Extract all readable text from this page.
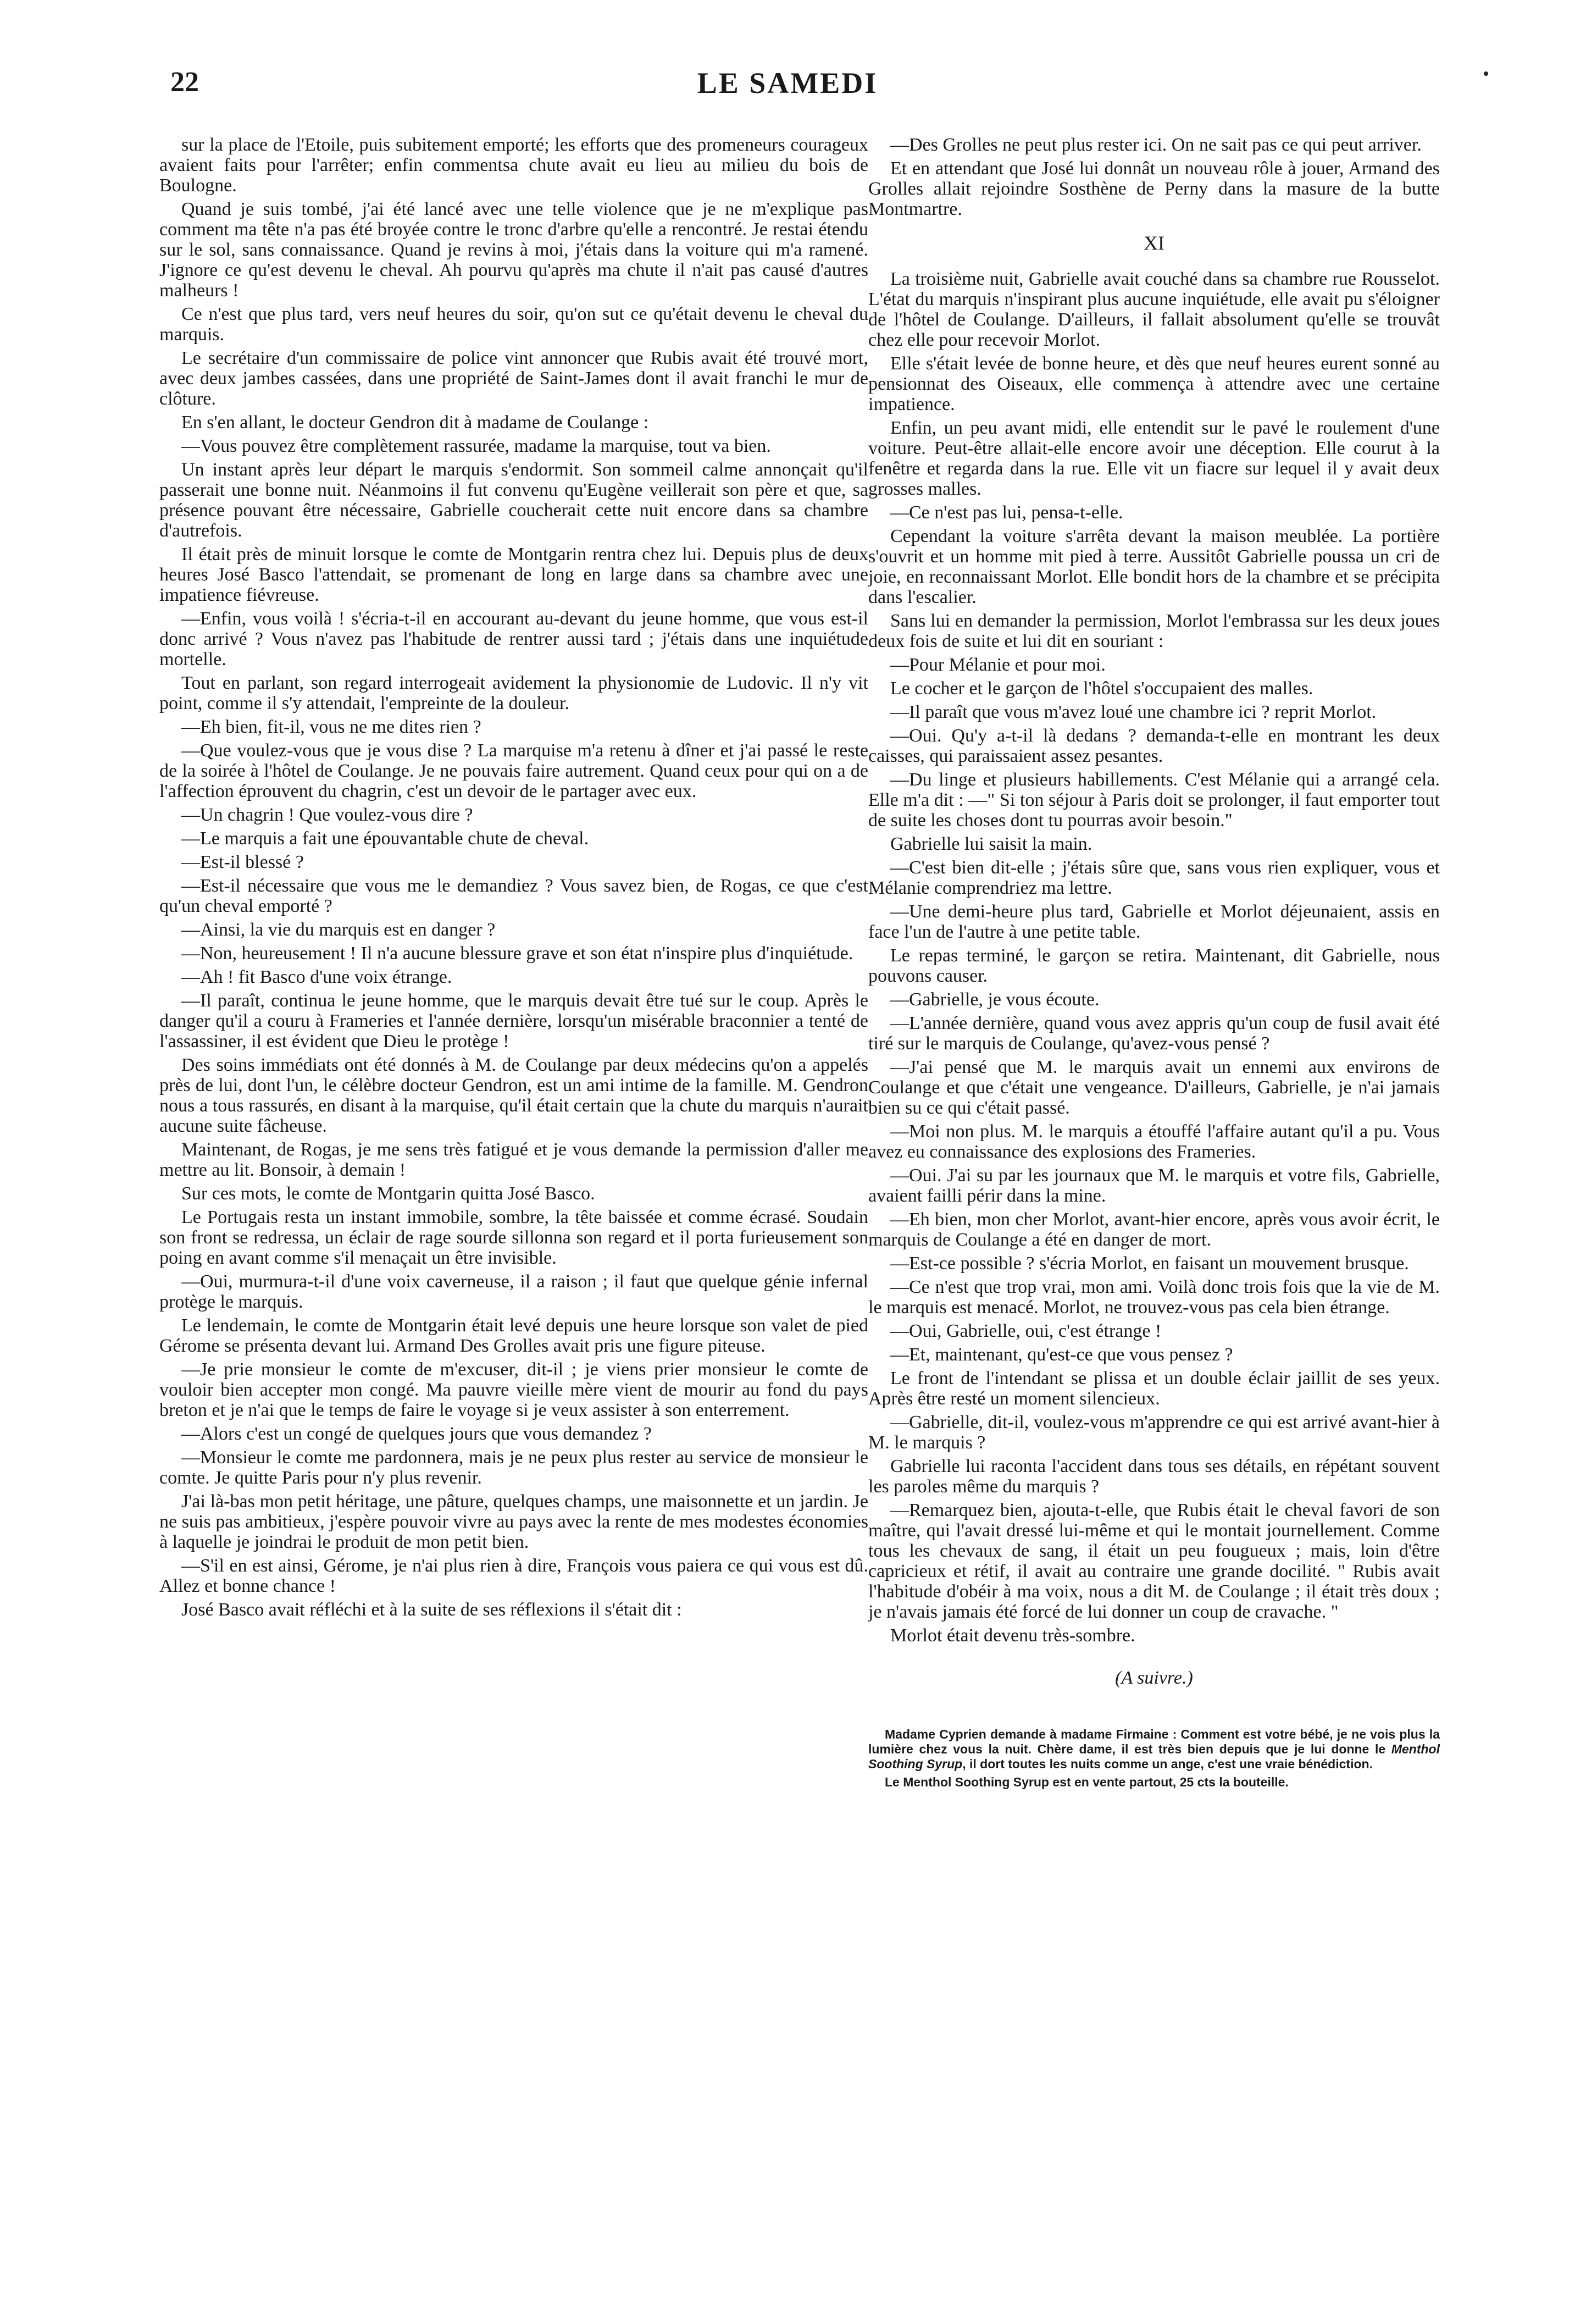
22	LE SAMEDI

sur la place de l'Etoile, puis subitement emporté; les efforts que des promeneurs courageux avaient faits pour l'arrêter; enfin commentsa chute avait eu lieu au milieu du bois de Boulogne.

Quand je suis tombé, j'ai été lancé avec une telle violence que je ne m'explique pas comment ma tête n'a pas été broyée contre le tronc d'arbre qu'elle a rencontré. Je restai étendu sur le sol, sans connaissance. Quand je revins à moi, j'étais dans la voiture qui m'a ramené. J'ignore ce qu'est devenu le cheval. Ah pourvu qu'après ma chute il n'ait pas causé d'autres malheurs !

Ce n'est que plus tard, vers neuf heures du soir, qu'on sut ce qu'était devenu le cheval du marquis.

Le secrétaire d'un commissaire de police vint annoncer que Rubis avait été trouvé mort, avec deux jambes cassées, dans une propriété de Saint-James dont il avait franchi le mur de clôture.

En s'en allant, le docteur Gendron dit à madame de Coulange :

—Vous pouvez être complètement rassurée, madame la marquise, tout va bien.

Un instant après leur départ le marquis s'endormit. Son sommeil calme annonçait qu'il passerait une bonne nuit. Néanmoins il fut convenu qu'Eugène veillerait son père et que, sa présence pouvant être nécessaire, Gabrielle coucherait cette nuit encore dans sa chambre d'autrefois.

Il était près de minuit lorsque le comte de Montgarin rentra chez lui. Depuis plus de deux heures José Basco l'attendait, se promenant de long en large dans sa chambre avec une impatience fiévreuse.

—Enfin, vous voilà ! s'écria-t-il en accourant au-devant du jeune homme, que vous est-il donc arrivé ? Vous n'avez pas l'habitude de rentrer aussi tard ; j'étais dans une inquiétude mortelle.

Tout en parlant, son regard interrogeait avidement la physionomie de Ludovic. Il n'y vit point, comme il s'y attendait, l'empreinte de la douleur.

—Eh bien, fit-il, vous ne me dites rien ?

—Que voulez-vous que je vous dise ? La marquise m'a retenu à dîner et j'ai passé le reste de la soirée à l'hôtel de Coulange. Je ne pouvais faire autrement. Quand ceux pour qui on a de l'affection éprouvent du chagrin, c'est un devoir de le partager avec eux.

—Un chagrin ! Que voulez-vous dire ?

—Le marquis a fait une épouvantable chute de cheval.

—Est-il blessé ?

—Est-il nécessaire que vous me le demandiez ? Vous savez bien, de Rogas, ce que c'est qu'un cheval emporté ?

—Ainsi, la vie du marquis est en danger ?

—Non, heureusement ! Il n'a aucune blessure grave et son état n'inspire plus d'inquiétude.

—Ah ! fit Basco d'une voix étrange.

—Il paraît, continua le jeune homme, que le marquis devait être tué sur le coup. Après le danger qu'il a couru à Frameries et l'année dernière, lorsqu'un misérable braconnier a tenté de l'assassiner, il est évident que Dieu le protège !

Des soins immédiats ont été donnés à M. de Coulange par deux médecins qu'on a appelés près de lui, dont l'un, le célèbre docteur Gendron, est un ami intime de la famille. M. Gendron nous a tous rassurés, en disant à la marquise, qu'il était certain que la chute du marquis n'aurait aucune suite fâcheuse.

Maintenant, de Rogas, je me sens très fatigué et je vous demande la permission d'aller me mettre au lit. Bonsoir, à demain !

Sur ces mots, le comte de Montgarin quitta José Basco.

Le Portugais resta un instant immobile, sombre, la tête baissée et comme écrasé. Soudain son front se redressa, un éclair de rage sourde sillonna son regard et il porta furieusement son poing en avant comme s'il menaçait un être invisible.

—Oui, murmura-t-il d'une voix caverneuse, il a raison ; il faut que quelque génie infernal protège le marquis.

Le lendemain, le comte de Montgarin était levé depuis une heure lorsque son valet de pied Gérome se présenta devant lui. Armand Des Grolles avait pris une figure piteuse.

—Je prie monsieur le comte de m'excuser, dit-il ; je viens prier monsieur le comte de vouloir bien accepter mon congé. Ma pauvre vieille mère vient de mourir au fond du pays breton et je n'ai que le temps de faire le voyage si je veux assister à son enterrement.

—Alors c'est un congé de quelques jours que vous demandez ?

—Monsieur le comte me pardonnera, mais je ne peux plus rester au service de monsieur le comte. Je quitte Paris pour n'y plus revenir.

J'ai là-bas mon petit héritage, une pâture, quelques champs, une maisonnette et un jardin. Je ne suis pas ambitieux, j'espère pouvoir vivre au pays avec la rente de mes modestes économies à laquelle je joindrai le produit de mon petit bien.

—S'il en est ainsi, Gérome, je n'ai plus rien à dire, François vous paiera ce qui vous est dû. Allez et bonne chance !

José Basco avait réfléchi et à la suite de ses réflexions il s'était dit :

—Des Grolles ne peut plus rester ici. On ne sait pas ce qui peut arriver.

Et en attendant que José lui donnât un nouveau rôle à jouer, Armand des Grolles allait rejoindre Sosthène de Perny dans la masure de la butte Montmartre.

XI

La troisième nuit, Gabrielle avait couché dans sa chambre rue Rousselot. L'état du marquis n'inspirant plus aucune inquiétude, elle avait pu s'éloigner de l'hôtel de Coulange. D'ailleurs, il fallait absolument qu'elle se trouvât chez elle pour recevoir Morlot.

Elle s'était levée de bonne heure, et dès que neuf heures eurent sonné au pensionnat des Oiseaux, elle commença à attendre avec une certaine impatience.

Enfin, un peu avant midi, elle entendit sur le pavé le roulement d'une voiture. Peut-être allait-elle encore avoir une déception. Elle courut à la fenêtre et regarda dans la rue. Elle vit un fiacre sur lequel il y avait deux grosses malles.

—Ce n'est pas lui, pensa-t-elle.

Cependant la voiture s'arrêta devant la maison meublée. La portière s'ouvrit et un homme mit pied à terre. Aussitôt Gabrielle poussa un cri de joie, en reconnaissant Morlot. Elle bondit hors de la chambre et se précipita dans l'escalier.

Sans lui en demander la permission, Morlot l'embrassa sur les deux joues deux fois de suite et lui dit en souriant :

—Pour Mélanie et pour moi.

Le cocher et le garçon de l'hôtel s'occupaient des malles.

—Il paraît que vous m'avez loué une chambre ici ? reprit Morlot.

—Oui. Qu'y a-t-il là dedans ? demanda-t-elle en montrant les deux caisses, qui paraissaient assez pesantes.

—Du linge et plusieurs habillements. C'est Mélanie qui a arrangé cela. Elle m'a dit : —" Si ton séjour à Paris doit se prolonger, il faut emporter tout de suite les choses dont tu pourras avoir besoin."

Gabrielle lui saisit la main.

—C'est bien dit-elle ; j'étais sûre que, sans vous rien expliquer, vous et Mélanie comprendriez ma lettre.

—Une demi-heure plus tard, Gabrielle et Morlot déjeunaient, assis en face l'un de l'autre à une petite table.

Le repas terminé, le garçon se retira. Maintenant, dit Gabrielle, nous pouvons causer.

—Gabrielle, je vous écoute.

—L'année dernière, quand vous avez appris qu'un coup de fusil avait été tiré sur le marquis de Coulange, qu'avez-vous pensé ?

—J'ai pensé que M. le marquis avait un ennemi aux environs de Coulange et que c'était une vengeance. D'ailleurs, Gabrielle, je n'ai jamais bien su ce qui c'était passé.

—Moi non plus. M. le marquis a étouffé l'affaire autant qu'il a pu. Vous avez eu connaissance des explosions des Frameries.

—Oui. J'ai su par les journaux que M. le marquis et votre fils, Gabrielle, avaient failli périr dans la mine.

—Eh bien, mon cher Morlot, avant-hier encore, après vous avoir écrit, le marquis de Coulange a été en danger de mort.

—Est-ce possible ? s'écria Morlot, en faisant un mouvement brusque.

—Ce n'est que trop vrai, mon ami. Voilà donc trois fois que la vie de M. le marquis est menacé. Morlot, ne trouvez-vous pas cela bien étrange.

—Oui, Gabrielle, oui, c'est étrange !

—Et, maintenant, qu'est-ce que vous pensez ?

Le front de l'intendant se plissa et un double éclair jaillit de ses yeux. Après être resté un moment silencieux.

—Gabrielle, dit-il, voulez-vous m'apprendre ce qui est arrivé avant-hier à M. le marquis ?

Gabrielle lui raconta l'accident dans tous ses détails, en répétant souvent les paroles même du marquis ?

—Remarquez bien, ajouta-t-elle, que Rubis était le cheval favori de son maître, qui l'avait dressé lui-même et qui le montait journellement. Comme tous les chevaux de sang, il était un peu fougueux ; mais, loin d'être capricieux et rétif, il avait au contraire une grande docilité. " Rubis avait l'habitude d'obéir à ma voix, nous a dit M. de Coulange ; il était très doux ; je n'avais jamais été forcé de lui donner un coup de cravache. "

Morlot était devenu très-sombre.

(A suivre.)

Madame Cyprien demande à madame Firmaine : Comment est votre bébé, je ne vois plus la lumière chez vous la nuit. Chère dame, il est très bien depuis que je lui donne le Menthol Soothing Syrup, il dort toutes les nuits comme un ange, c'est une vraie bénédiction.

Le Menthol Soothing Syrup est en vente partout, 25 cts la bouteille.
